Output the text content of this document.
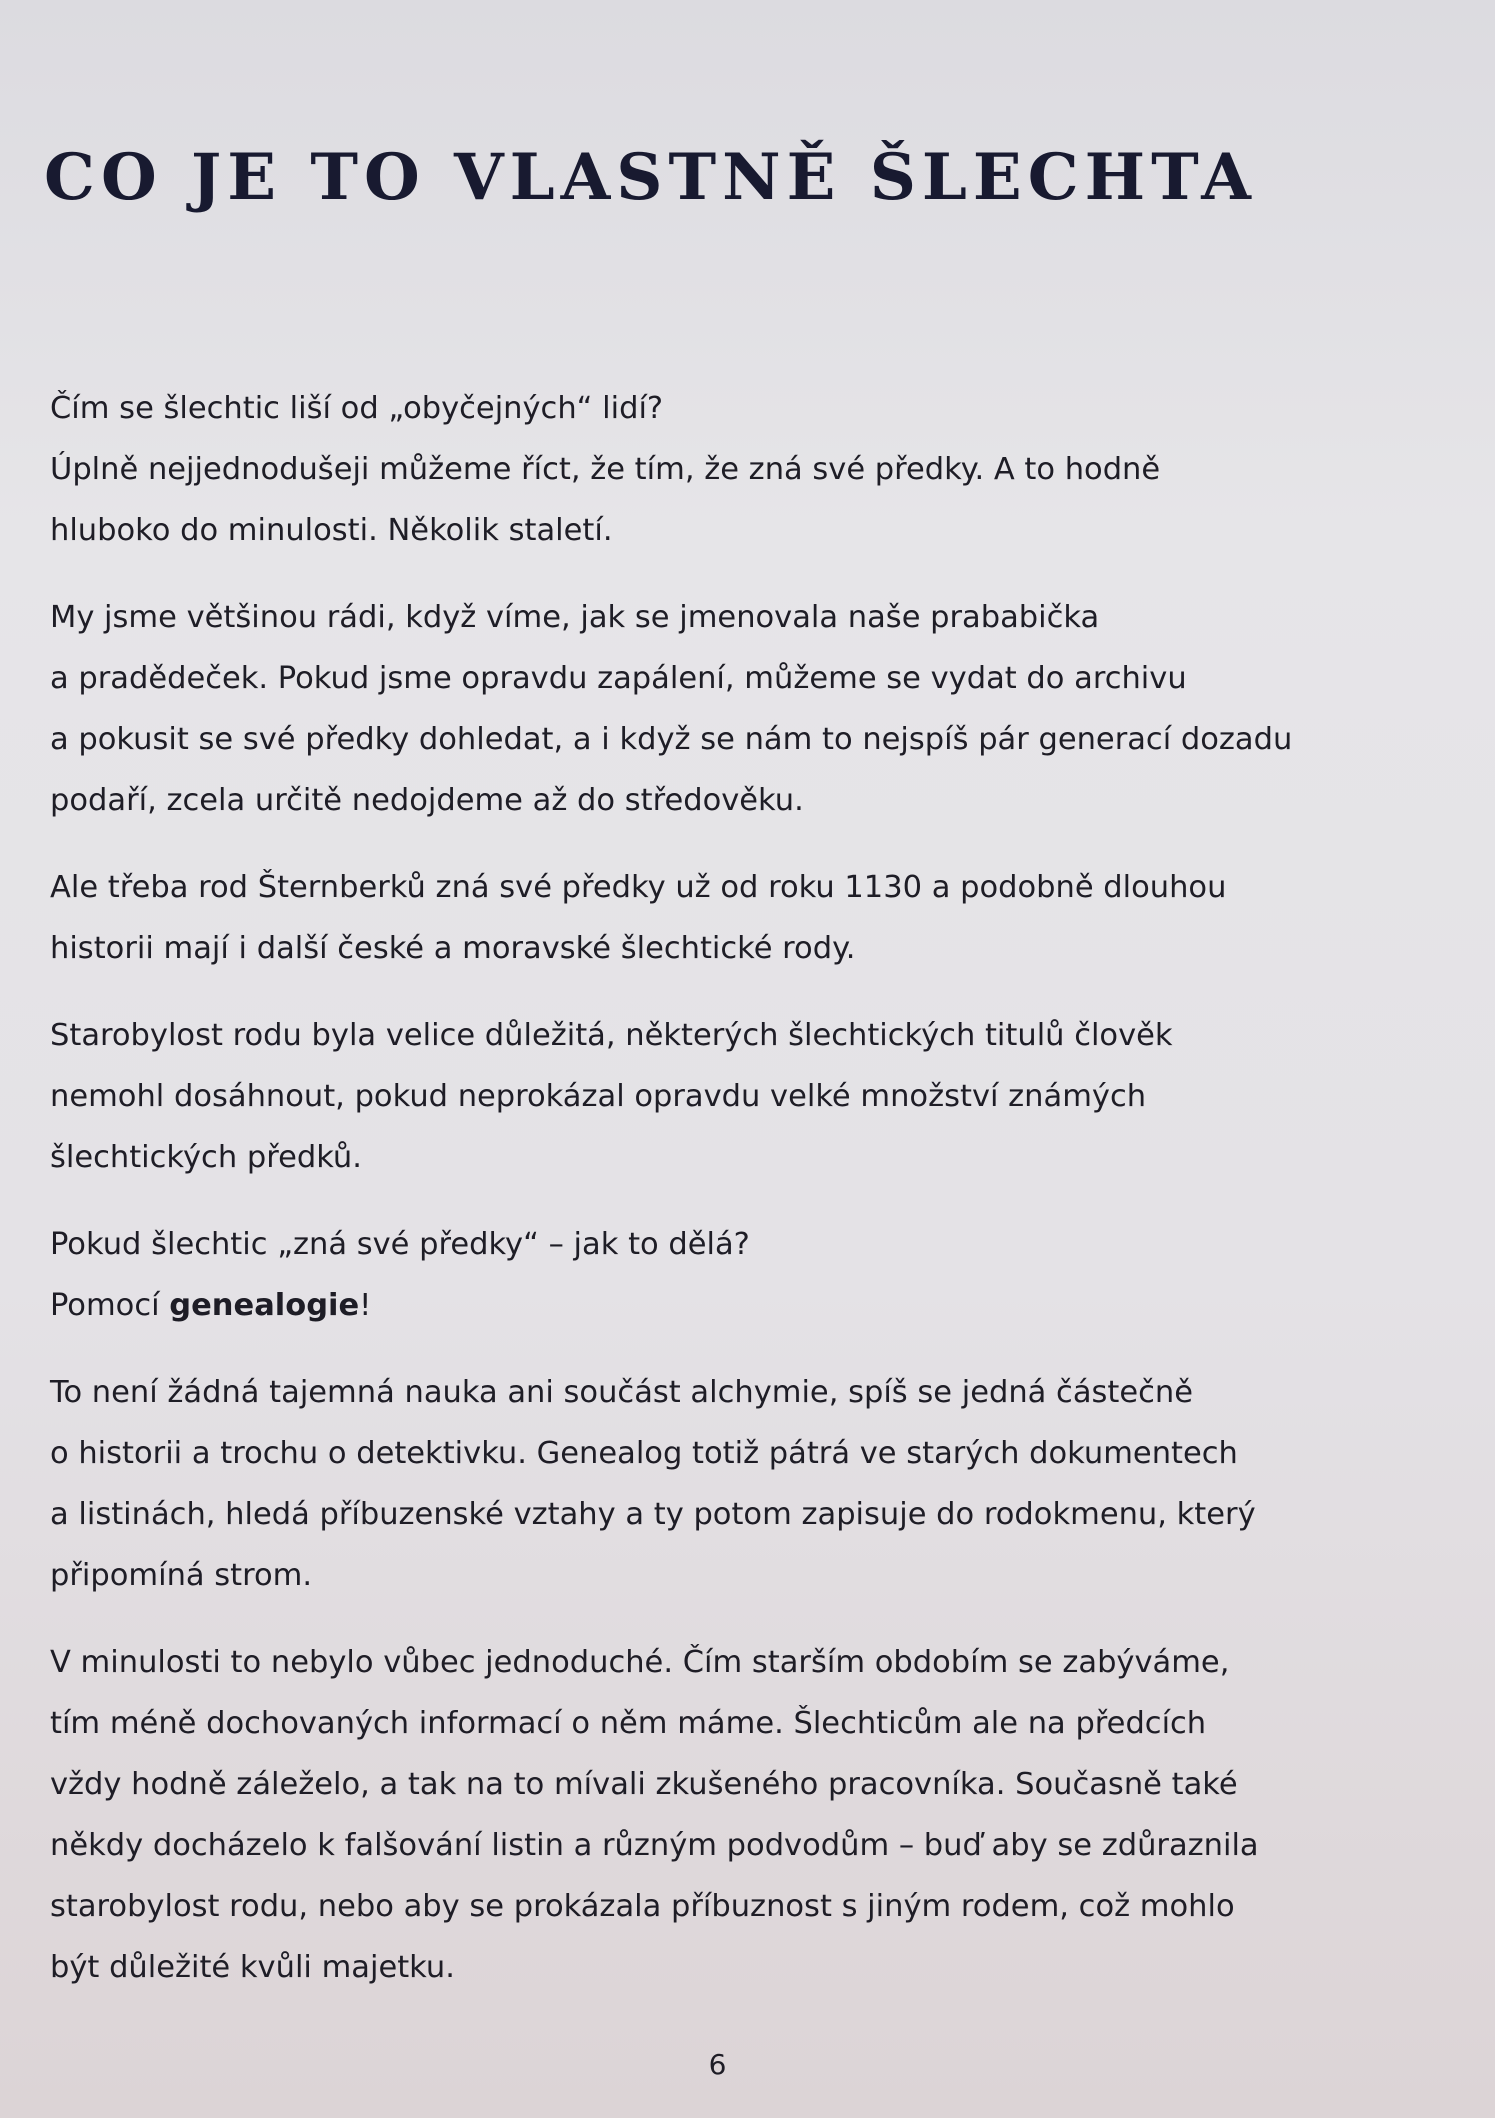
CO JE TO VLASTNĚ ŠLECHTA

Čím se šlechtic liší od „obyčejných“ lidí?
Úplně nejjednodušeji můžeme říct, že tím, že zná své předky. A to hodně
hluboko do minulosti. Několik staletí.

My jsme většinou rádi, když víme, jak se jmenovala naše prababička
a pradědeček. Pokud jsme opravdu zapálení, můžeme se vydat do archivu
a pokusit se své předky dohledat, a i když se nám to nejspíš pár generací dozadu
podaří, zcela určitě nedojdeme až do středověku.

Ale třeba rod Šternberků zná své předky už od roku 1130 a podobně dlouhou
historii mají i další české a moravské šlechtické rody.

Starobylost rodu byla velice důležitá, některých šlechtických titulů člověk
nemohl dosáhnout, pokud neprokázal opravdu velké množství známých
šlechtických předků.

Pokud šlechtic „zná své předky“ – jak to dělá?
Pomocí genealogie!

To není žádná tajemná nauka ani součást alchymie, spíš se jedná částečně
o historii a trochu o detektivku. Genealog totiž pátrá ve starých dokumentech
a listinách, hledá příbuzenské vztahy a ty potom zapisuje do rodokmenu, který
připomíná strom.

V minulosti to nebylo vůbec jednoduché. Čím starším obdobím se zabýváme,
tím méně dochovaných informací o něm máme. Šlechticům ale na předcích
vždy hodně záleželo, a tak na to mívali zkušeného pracovníka. Současně také
někdy docházelo k falšování listin a různým podvodům – buď aby se zdůraznila
starobylost rodu, nebo aby se prokázala příbuznost s jiným rodem, což mohlo
být důležité kvůli majetku.

6
